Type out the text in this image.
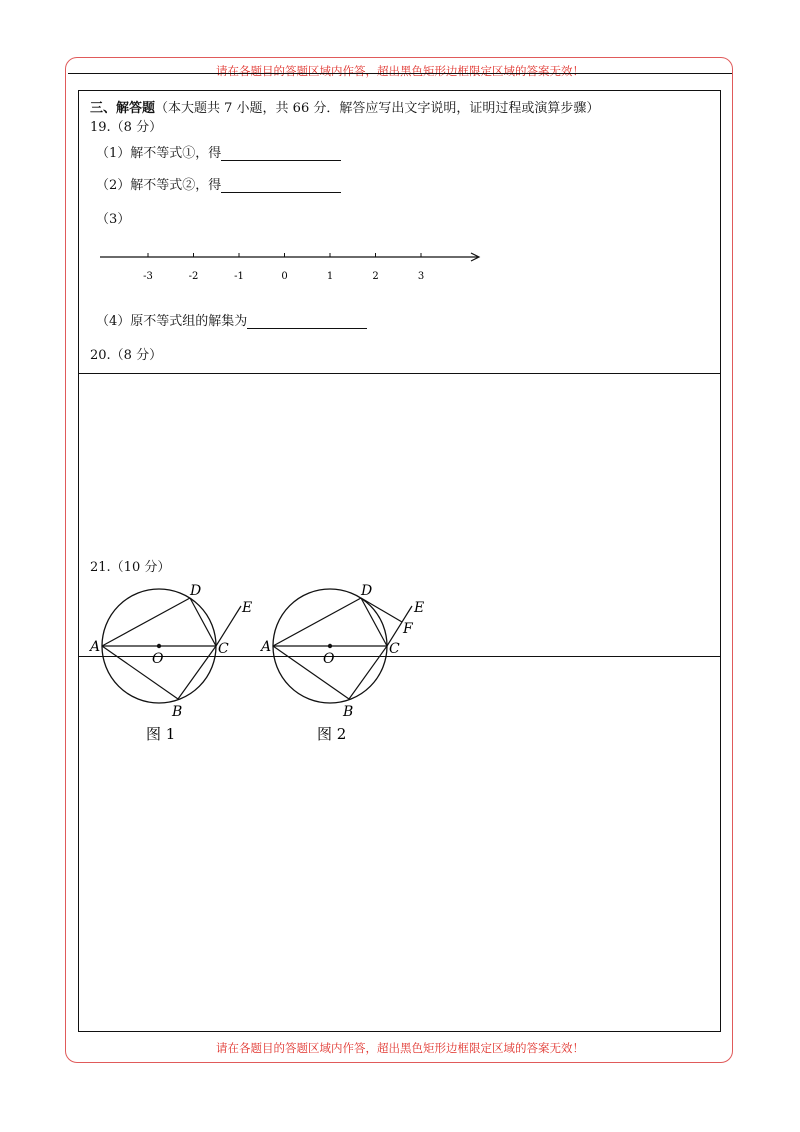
请在各题目的答题区域内作答，超出黑色矩形边框限定区域的答案无效！
三、解答题（本大题共 7 小题，共 66 分．解答应写出文字说明，证明过程或演算步骤）
19.（8 分）
（1）解不等式①，得
（2）解不等式②，得
（3）
-3	-2	-1	0	1	2	3
（4）原不等式组的解集为
20.（8 分）
21.（10 分）
A
O
C
D
E
B
图 1
A
O
C
D
E
F
B
图 2
请在各题目的答题区域内作答，超出黑色矩形边框限定区域的答案无效！
